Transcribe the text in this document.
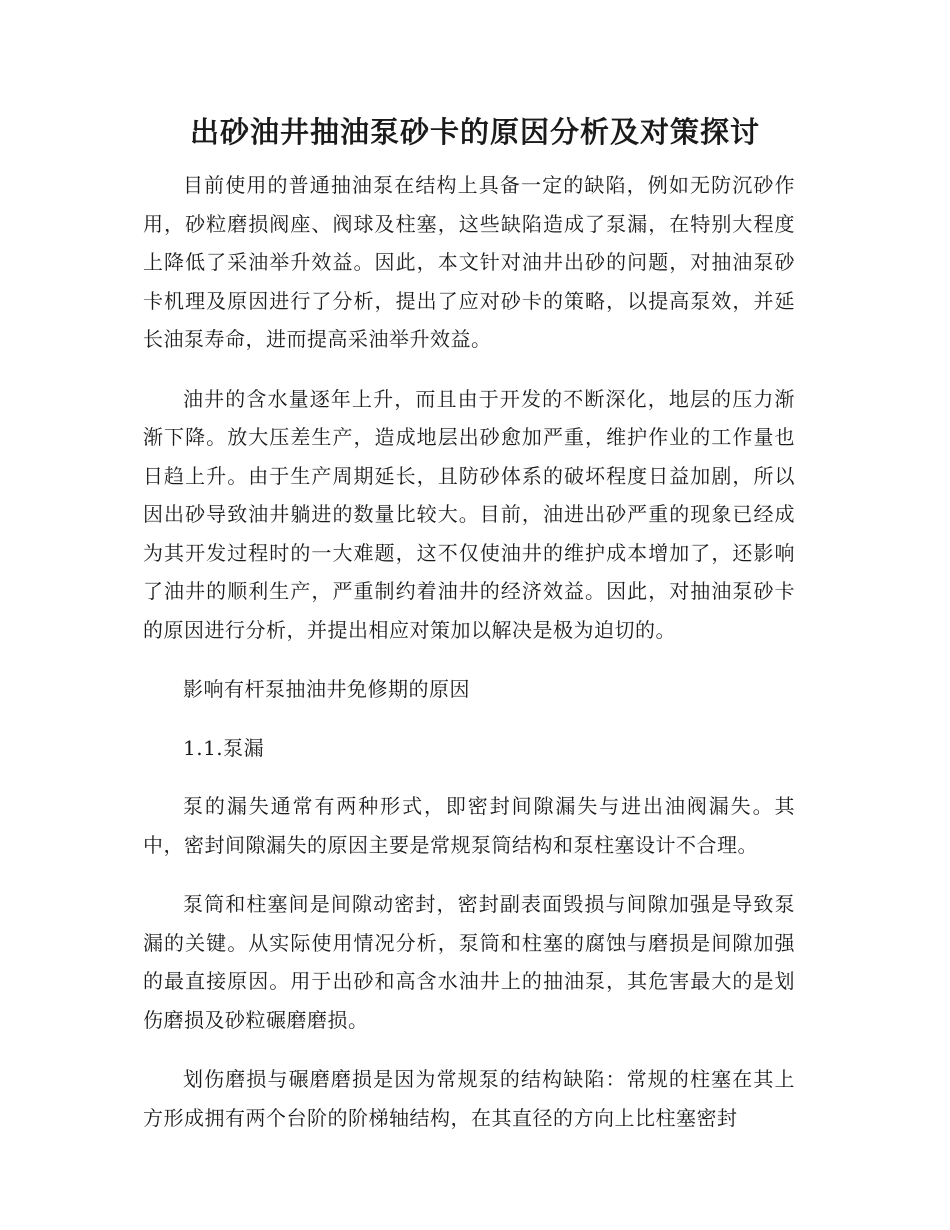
出砂油井抽油泵砂卡的原因分析及对策探讨

目前使用的普通抽油泵在结构上具备一定的缺陷，例如无防沉砂作用，砂粒磨损阀座、阀球及柱塞，这些缺陷造成了泵漏，在特别大程度上降低了采油举升效益。因此，本文针对油井出砂的问题，对抽油泵砂卡机理及原因进行了分析，提出了应对砂卡的策略，以提高泵效，并延长油泵寿命，进而提高采油举升效益。

油井的含水量逐年上升，而且由于开发的不断深化，地层的压力渐渐下降。放大压差生产，造成地层出砂愈加严重，维护作业的工作量也日趋上升。由于生产周期延长，且防砂体系的破坏程度日益加剧，所以因出砂导致油井躺进的数量比较大。目前，油进出砂严重的现象已经成为其开发过程时的一大难题，这不仅使油井的维护成本增加了，还影响了油井的顺利生产，严重制约着油井的经济效益。因此，对抽油泵砂卡的原因进行分析，并提出相应对策加以解决是极为迫切的。

影响有杆泵抽油井免修期的原因

1.1.泵漏

泵的漏失通常有两种形式，即密封间隙漏失与进出油阀漏失。其中，密封间隙漏失的原因主要是常规泵筒结构和泵柱塞设计不合理。

泵筒和柱塞间是间隙动密封，密封副表面毁损与间隙加强是导致泵漏的关键。从实际使用情况分析，泵筒和柱塞的腐蚀与磨损是间隙加强的最直接原因。用于出砂和高含水油井上的抽油泵，其危害最大的是划伤磨损及砂粒碾磨磨损。

划伤磨损与碾磨磨损是因为常规泵的结构缺陷：常规的柱塞在其上方形成拥有两个台阶的阶梯轴结构，在其直径的方向上比柱塞密封
